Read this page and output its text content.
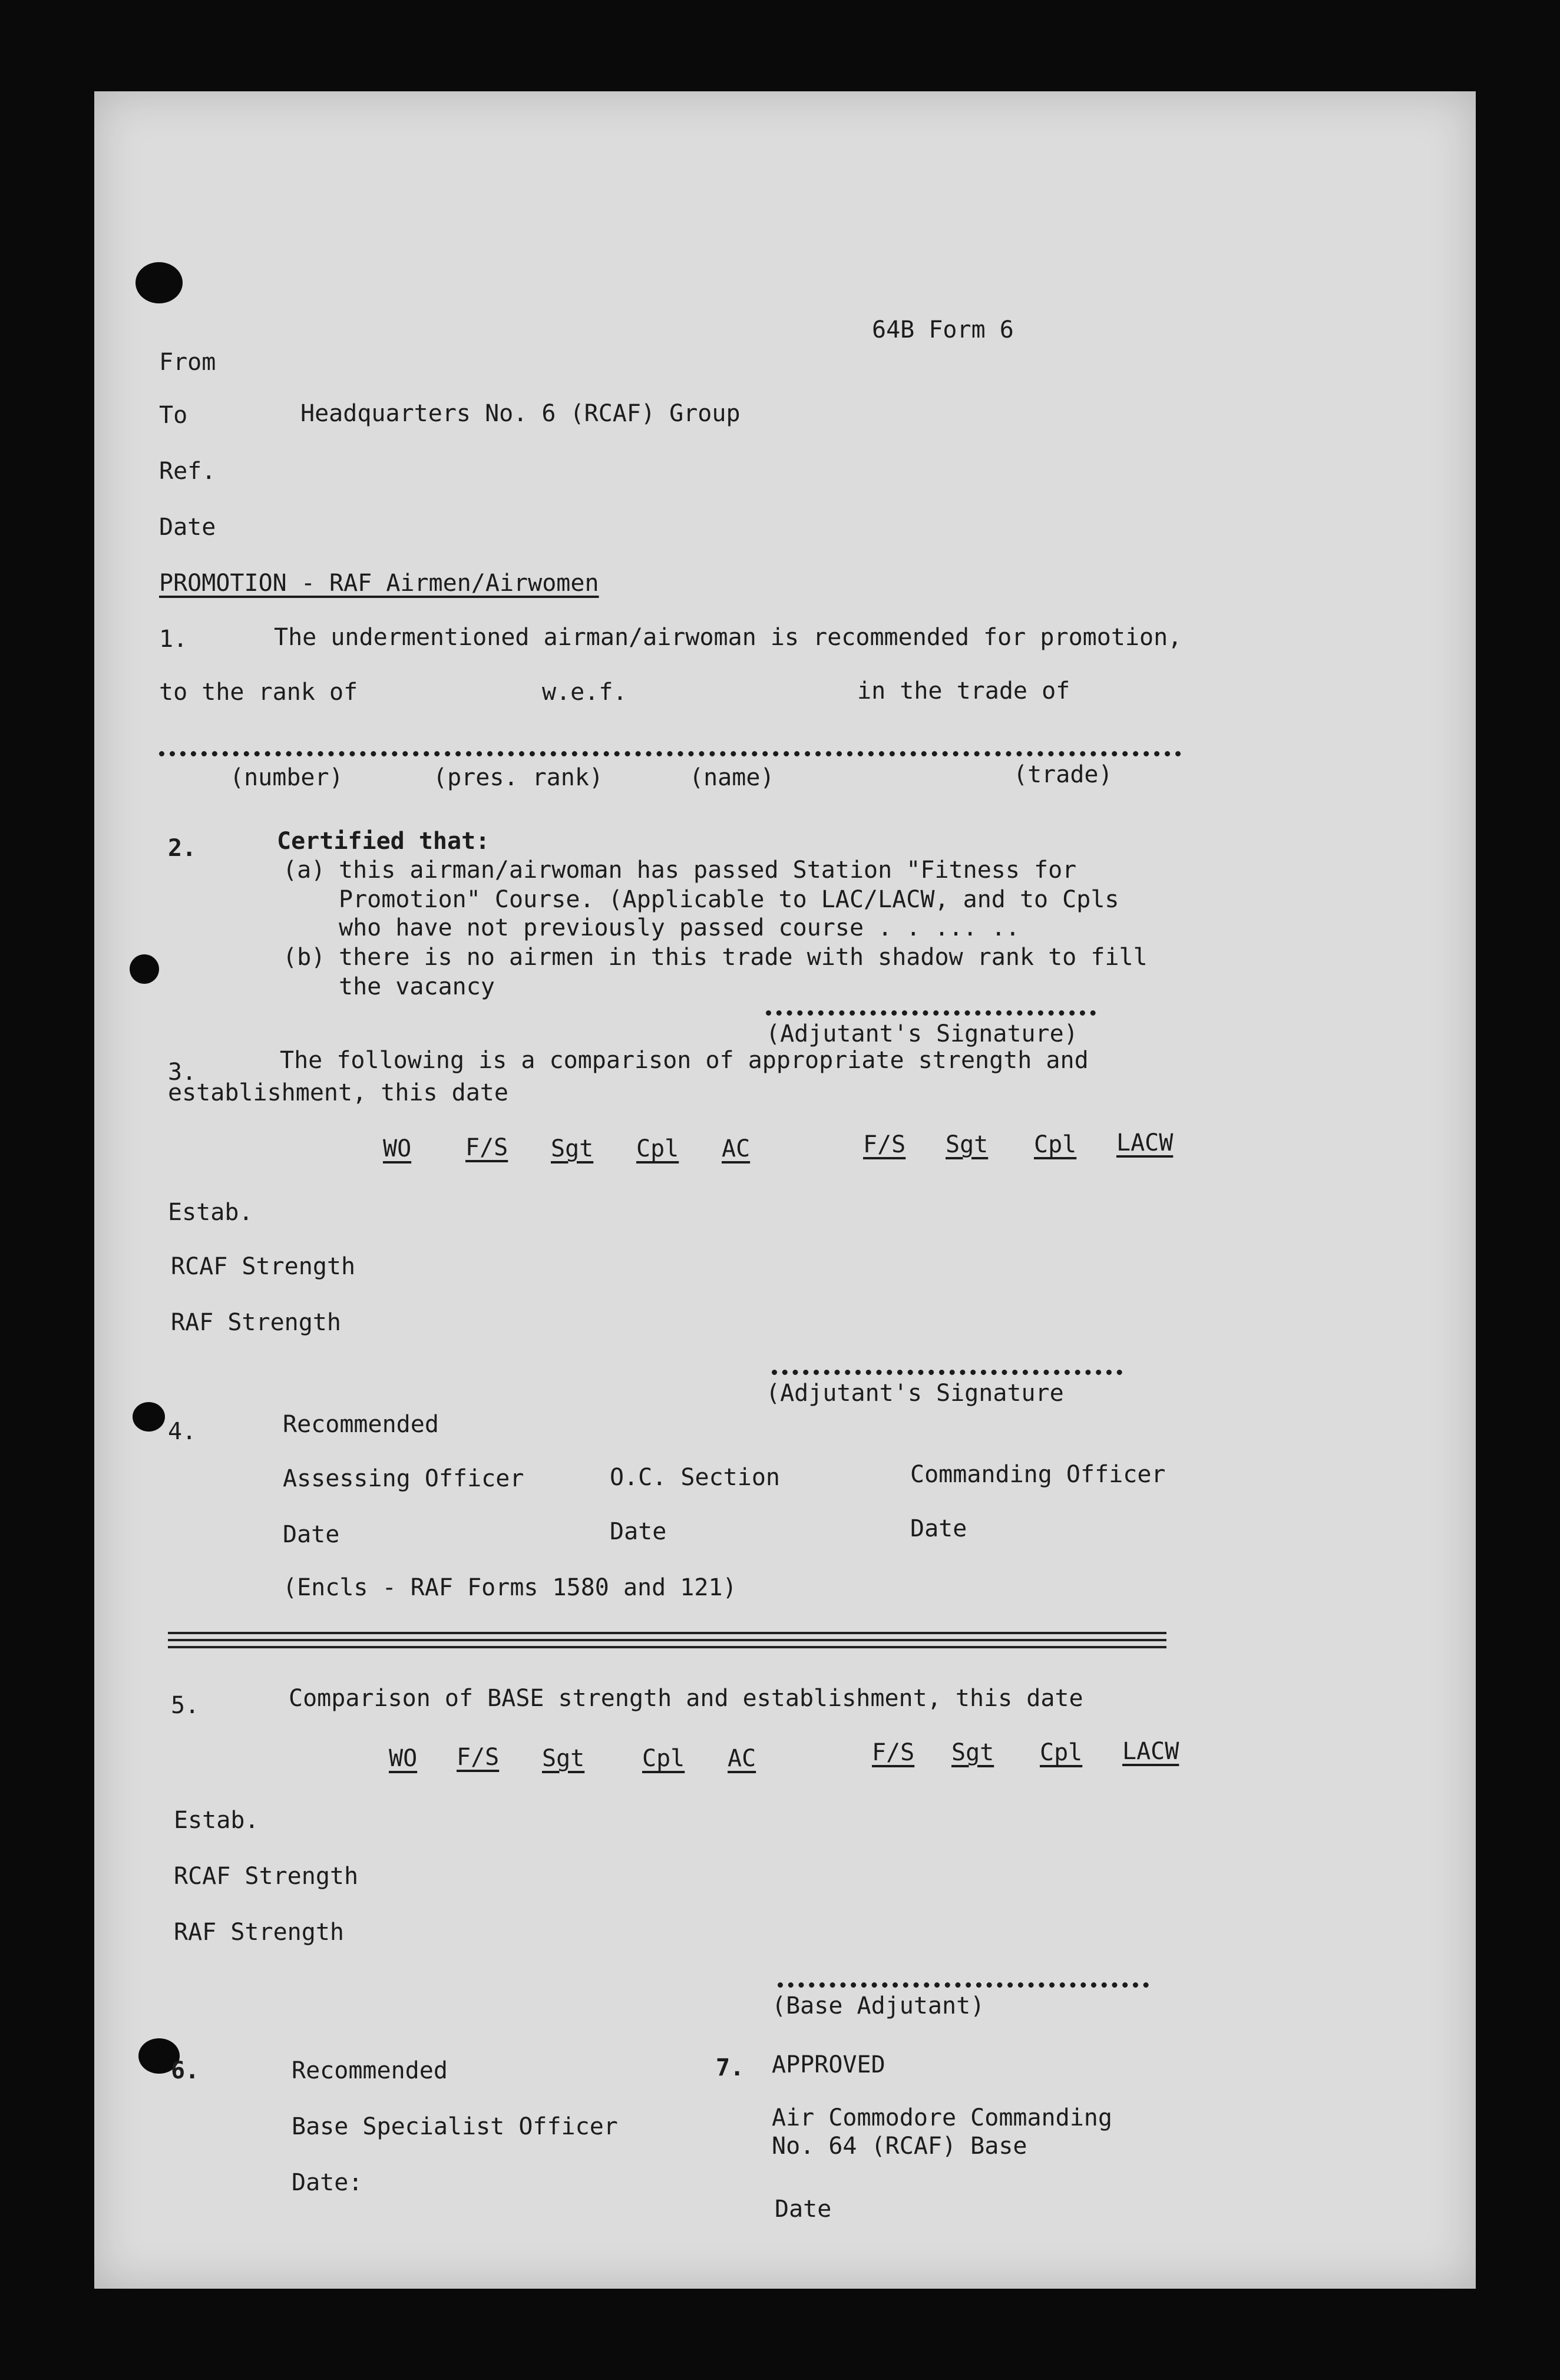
64B Form 6
From
To	Headquarters No. 6 (RCAF) Group
Ref.
Date
PROMOTION - RAF Airmen/Airwomen
1.	The undermentioned airman/airwoman is recommended for promotion,
to the rank of	w.e.f.	in the trade of
(number)	(pres. rank)	(name)	(trade)
2.	Certified that:
(a) this airman/airwoman has passed Station "Fitness for
Promotion" Course. (Applicable to LAC/LACW, and to Cpls
who have not previously passed course . . ... ..
(b) there is no airmen in this trade with shadow rank to fill
the vacancy
(Adjutant's Signature)
3.	The following is a comparison of appropriate strength and
establishment, this date
WO F/S Sgt Cpl AC	F/S Sgt Cpl LACW
Estab.
RCAF Strength
RAF Strength
(Adjutant's Signature
4.	Recommended
Assessing Officer	O.C. Section	Commanding Officer
Date	Date	Date
(Encls - RAF Forms 1580 and 121)
5.	Comparison of BASE strength and establishment, this date
WO F/S Sgt Cpl AC	F/S Sgt Cpl LACW
Estab.
RCAF Strength
RAF Strength
(Base Adjutant)
6.	Recommended
Base Specialist Officer
Date:
7. APPROVED
Air Commodore Commanding
No. 64 (RCAF) Base
Date
